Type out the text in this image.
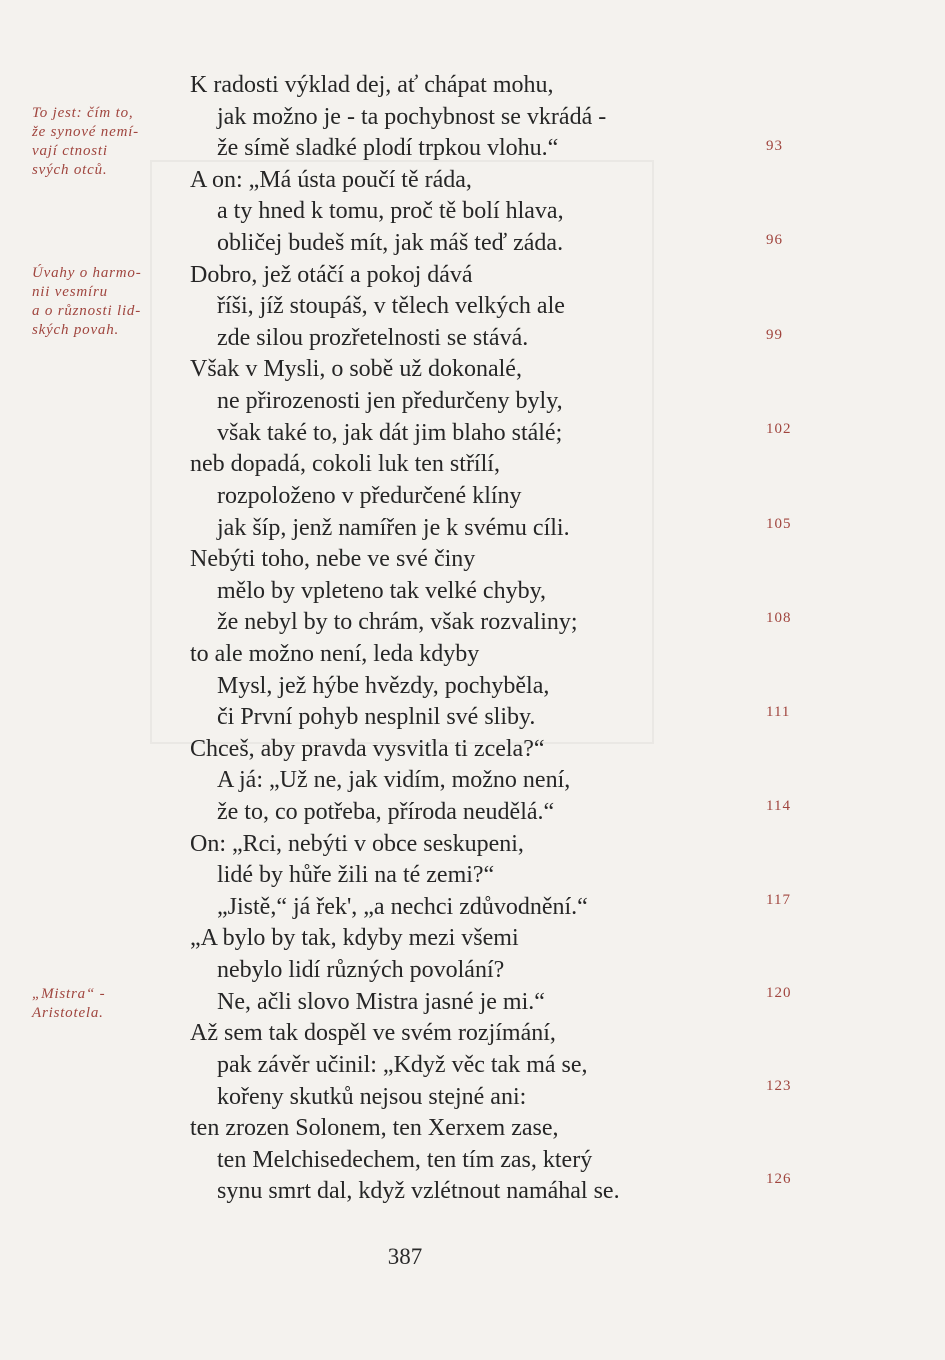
To jest: čím to,
že synové nemí-
vají ctnosti
svých otců.
Úvahy o harmo-
nii vesmíru
a o různosti lid-
ských povah.
„Mistra“ -
Aristotela.
K radosti výklad dej, ať chápat mohu,
jak možno je - ta pochybnost se vkrádá -
že símě sladké plodí trpkou vlohu.“
A on: „Má ústa poučí tě ráda,
a ty hned k tomu, proč tě bolí hlava,
obličej budeš mít, jak máš teď záda.
Dobro, jež otáčí a pokoj dává
říši, jíž stoupáš, v tělech velkých ale
zde silou prozřetelnosti se stává.
Však v Mysli, o sobě už dokonalé,
ne přirozenosti jen předurčeny byly,
však také to, jak dát jim blaho stálé;
neb dopadá, cokoli luk ten střílí,
rozpoloženo v předurčené klíny
jak šíp, jenž namířen je k svému cíli.
Nebýti toho, nebe ve své činy
mělo by vpleteno tak velké chyby,
že nebyl by to chrám, však rozvaliny;
to ale možno není, leda kdyby
Mysl, jež hýbe hvězdy, pochyběla,
či První pohyb nesplnil své sliby.
Chceš, aby pravda vysvitla ti zcela?“
A já: „Už ne, jak vidím, možno není,
že to, co potřeba, příroda neudělá.“
On: „Rci, nebýti v obce seskupeni,
lidé by hůře žili na té zemi?“
„Jistě,“ já řek', „a nechci zdůvodnění.“
„A bylo by tak, kdyby mezi všemi
nebylo lidí různých povolání?
Ne, ačli slovo Mistra jasné je mi.“
Až sem tak dospěl ve svém rozjímání,
pak závěr učinil: „Když věc tak má se,
kořeny skutků nejsou stejné ani:
ten zrozen Solonem, ten Xerxem zase,
ten Melchisedechem, ten tím zas, který
synu smrt dal, když vzlétnout namáhal se.
93
96
99
102
105
108
111
114
117
120
123
126
387
